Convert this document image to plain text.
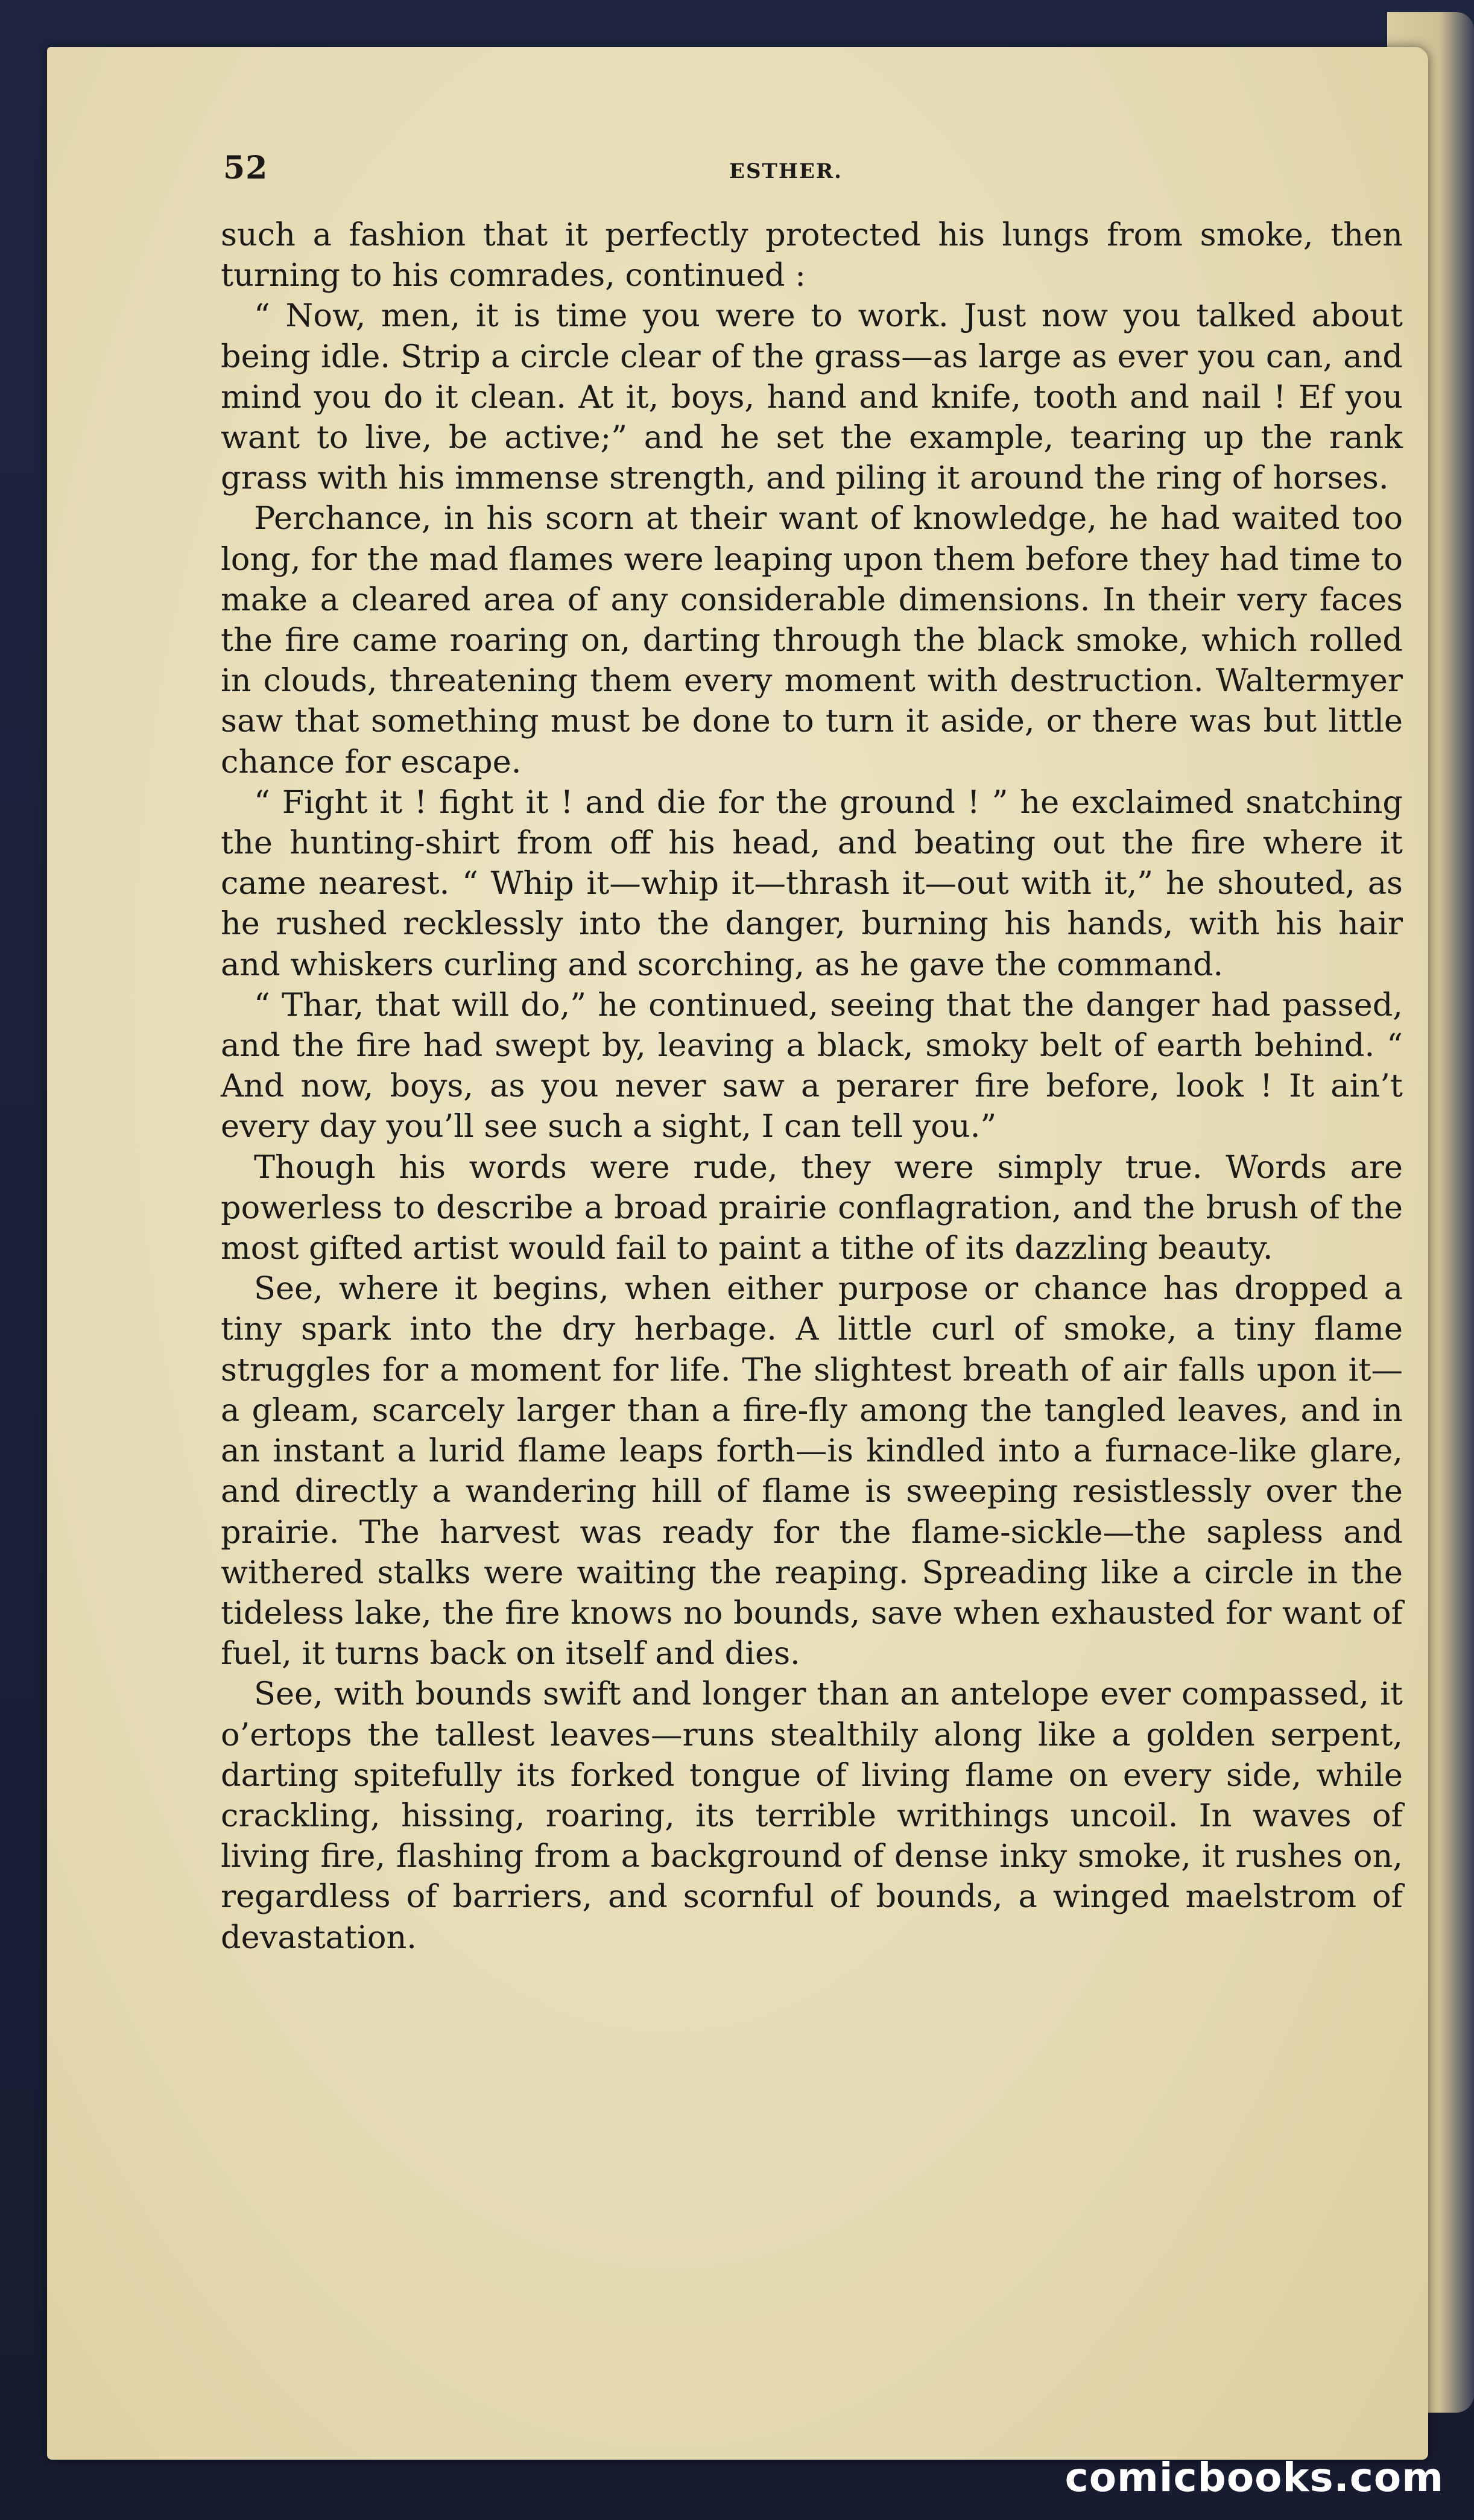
52	ESTHER.

such a fashion that it perfectly protected his lungs from smoke, then turning to his comrades, continued :

“ Now, men, it is time you were to work. Just now you talked about being idle. Strip a circle clear of the grass—as large as ever you can, and mind you do it clean. At it, boys, hand and knife, tooth and nail ! Ef you want to live, be active;” and he set the example, tearing up the rank grass with his immense strength, and piling it around the ring of horses.

Perchance, in his scorn at their want of knowledge, he had waited too long, for the mad flames were leaping upon them before they had time to make a cleared area of any considerable dimensions. In their very faces the fire came roaring on, darting through the black smoke, which rolled in clouds, threatening them every moment with destruction. Waltermyer saw that something must be done to turn it aside, or there was but little chance for escape.

“ Fight it ! fight it ! and die for the ground ! ” he exclaimed snatching the hunting-shirt from off his head, and beating out the fire where it came nearest. “ Whip it—whip it—thrash it—out with it,” he shouted, as he rushed recklessly into the danger, burning his hands, with his hair and whiskers curling and scorching, as he gave the command.

“ Thar, that will do,” he continued, seeing that the danger had passed, and the fire had swept by, leaving a black, smoky belt of earth behind. “ And now, boys, as you never saw a perarer fire before, look ! It ain’t every day you’ll see such a sight, I can tell you.”

Though his words were rude, they were simply true. Words are powerless to describe a broad prairie conflagration, and the brush of the most gifted artist would fail to paint a tithe of its dazzling beauty.

See, where it begins, when either purpose or chance has dropped a tiny spark into the dry herbage. A little curl of smoke, a tiny flame struggles for a moment for life. The slightest breath of air falls upon it—a gleam, scarcely larger than a fire-fly among the tangled leaves, and in an instant a lurid flame leaps forth—is kindled into a furnace-like glare, and directly a wandering hill of flame is sweeping resistlessly over the prairie. The harvest was ready for the flame-sickle—the sapless and withered stalks were waiting the reaping. Spreading like a circle in the tideless lake, the fire knows no bounds, save when exhausted for want of fuel, it turns back on itself and dies.

See, with bounds swift and longer than an antelope ever compassed, it o’ertops the tallest leaves—runs stealthily along like a golden serpent, darting spitefully its forked tongue of living flame on every side, while crackling, hissing, roaring, its terrible writhings uncoil. In waves of living fire, flashing from a background of dense inky smoke, it rushes on, regardless of barriers, and scornful of bounds, a winged maelstrom of devastation.

comicbooks.com
